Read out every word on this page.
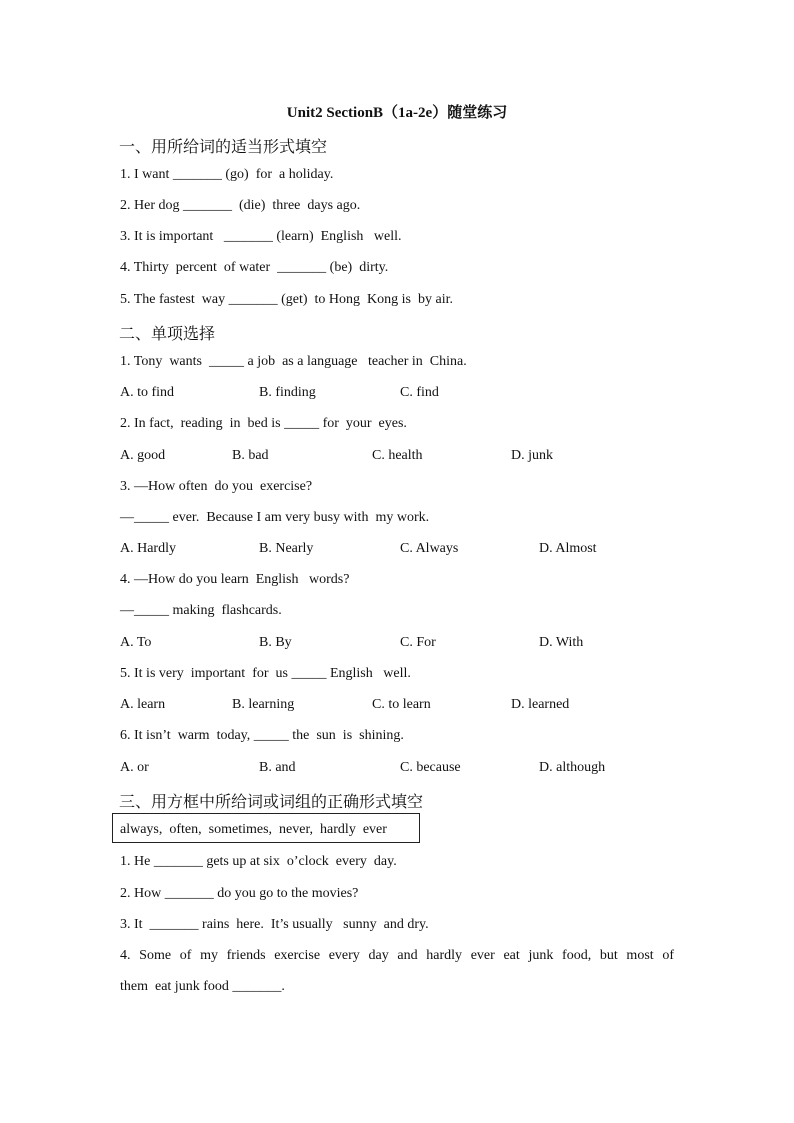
Unit2 SectionB（1a-2e）随堂练习
一、用所给词的适当形式填空
1. I want _______ (go)  for  a holiday.
2. Her dog _______  (die)  three  days ago.
3. It is important   _______ (learn)  English   well.
4. Thirty  percent  of water  _______ (be)  dirty.
5. The fastest  way _______ (get)  to Hong  Kong is  by air.
二、单项选择
1. Tony  wants  _____ a job  as a language   teacher in  China.
A. to find	B. finding	C. find
2. In fact,  reading  in  bed is _____ for  your  eyes.
A. good	B. bad	C. health	D. junk
3. —How often  do you  exercise?
—_____ ever.  Because I am very busy with  my work.
A. Hardly	B. Nearly	C. Always	D. Almost
4. —How do you learn  English   words?
—_____ making  flashcards.
A. To	B. By	C. For	D. With
5. It is very  important  for  us _____ English   well.
A. learn	B. learning	C. to learn	D. learned
6. It isn’t  warm  today, _____ the  sun  is  shining.
A. or	B. and	C. because	D. although
三、用方框中所给词或词组的正确形式填空
always,  often,  sometimes,  never,  hardly  ever
1. He _______ gets up at six  o’clock  every  day.
2. How _______ do you go to the movies?
3. It  _______ rains  here.  It’s usually   sunny  and dry.
4. Some of my friends exercise every day and hardly ever eat junk food, but most of
them  eat junk food _______.
